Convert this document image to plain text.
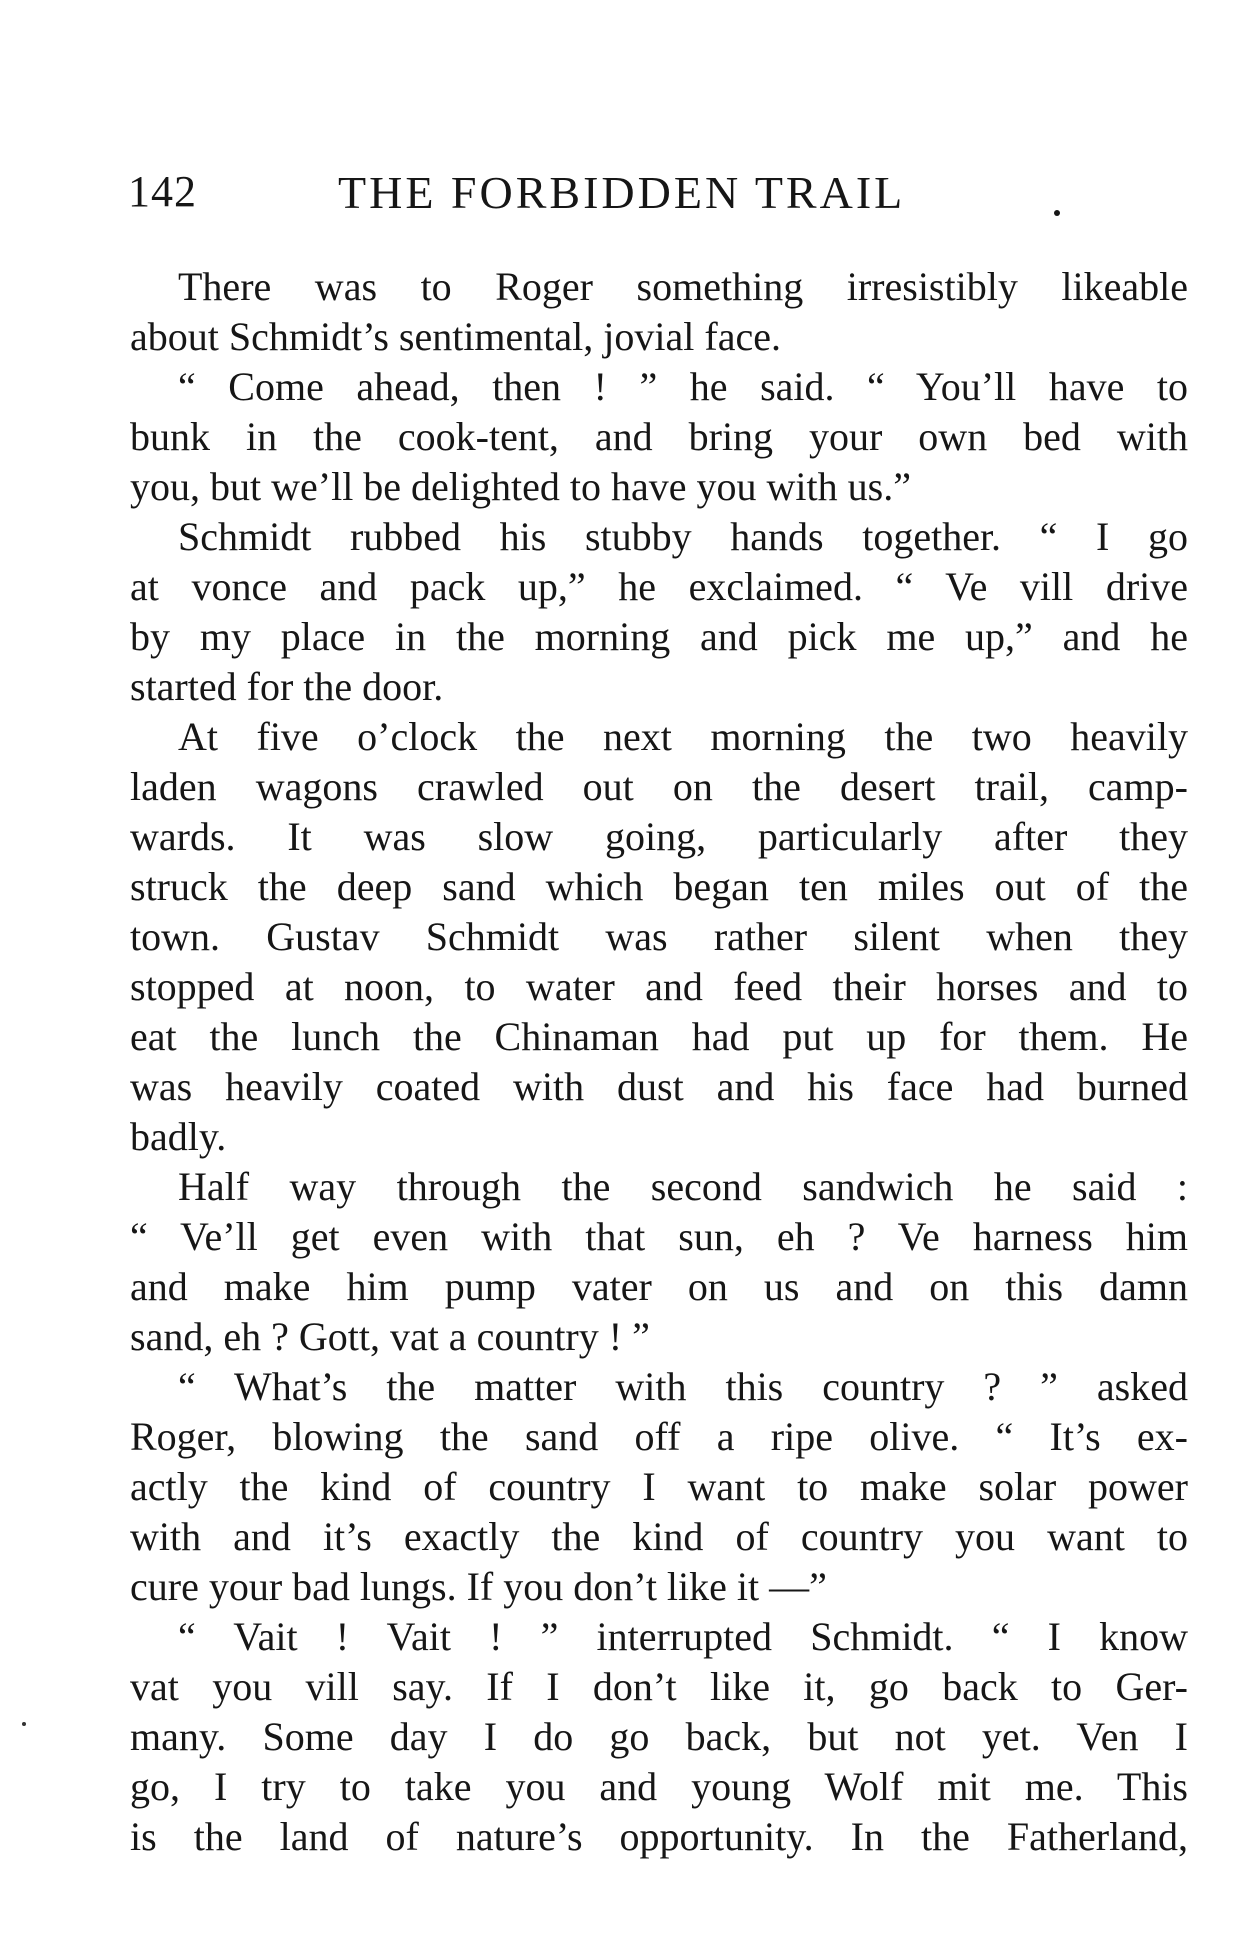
142	THE FORBIDDEN TRAIL
There was to Roger something irresistibly likeable
about Schmidt’s sentimental, jovial face.
“ Come ahead, then ! ” he said. “ You’ll have to
bunk in the cook-tent, and bring your own bed with
you, but we’ll be delighted to have you with us.”
Schmidt rubbed his stubby hands together. “ I go
at vonce and pack up,” he exclaimed. “ Ve vill drive
by my place in the morning and pick me up,” and he
started for the door.
At five o’clock the next morning the two heavily
laden wagons crawled out on the desert trail, camp-
wards. It was slow going, particularly after they
struck the deep sand which began ten miles out of the
town. Gustav Schmidt was rather silent when they
stopped at noon, to water and feed their horses and to
eat the lunch the Chinaman had put up for them. He
was heavily coated with dust and his face had burned
badly.
Half way through the second sandwich he said :
“ Ve’ll get even with that sun, eh ? Ve harness him
and make him pump vater on us and on this damn
sand, eh ? Gott, vat a country ! ”
“ What’s the matter with this country ? ” asked
Roger, blowing the sand off a ripe olive. “ It’s ex-
actly the kind of country I want to make solar power
with and it’s exactly the kind of country you want to
cure your bad lungs. If you don’t like it —”
“ Vait ! Vait ! ” interrupted Schmidt. “ I know
vat you vill say. If I don’t like it, go back to Ger-
many. Some day I do go back, but not yet. Ven I
go, I try to take you and young Wolf mit me. This
is the land of nature’s opportunity. In the Fatherland,
